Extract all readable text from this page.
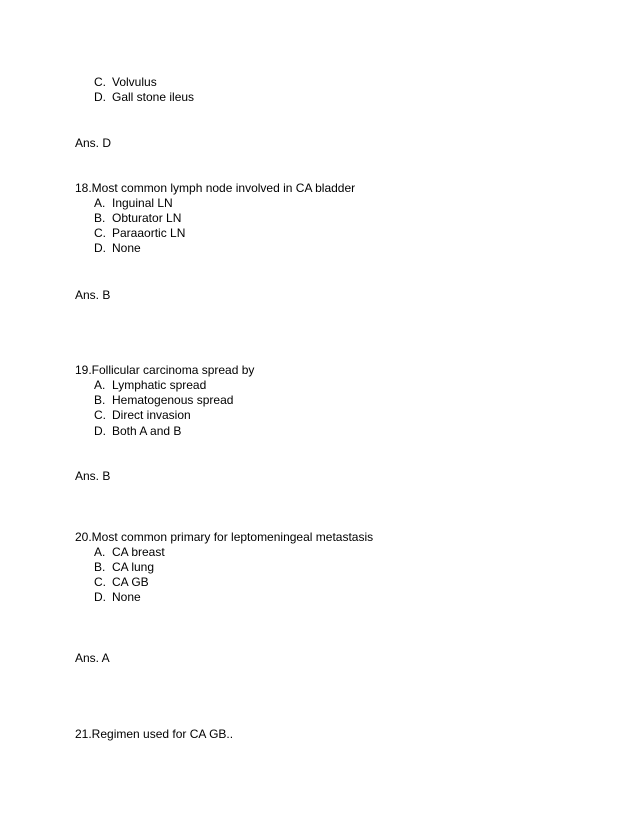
C. Volvulus
D. Gall stone ileus
Ans. D
18.Most common lymph node involved in CA bladder
A. Inguinal LN
B. Obturator LN
C. Paraaortic LN
D. None
Ans. B
19.Follicular carcinoma spread by
A. Lymphatic spread
B. Hematogenous spread
C. Direct invasion
D. Both A and B
Ans. B
20.Most common primary for leptomeningeal metastasis
A. CA breast
B. CA lung
C. CA GB
D. None
Ans. A
21.Regimen used for CA GB..
